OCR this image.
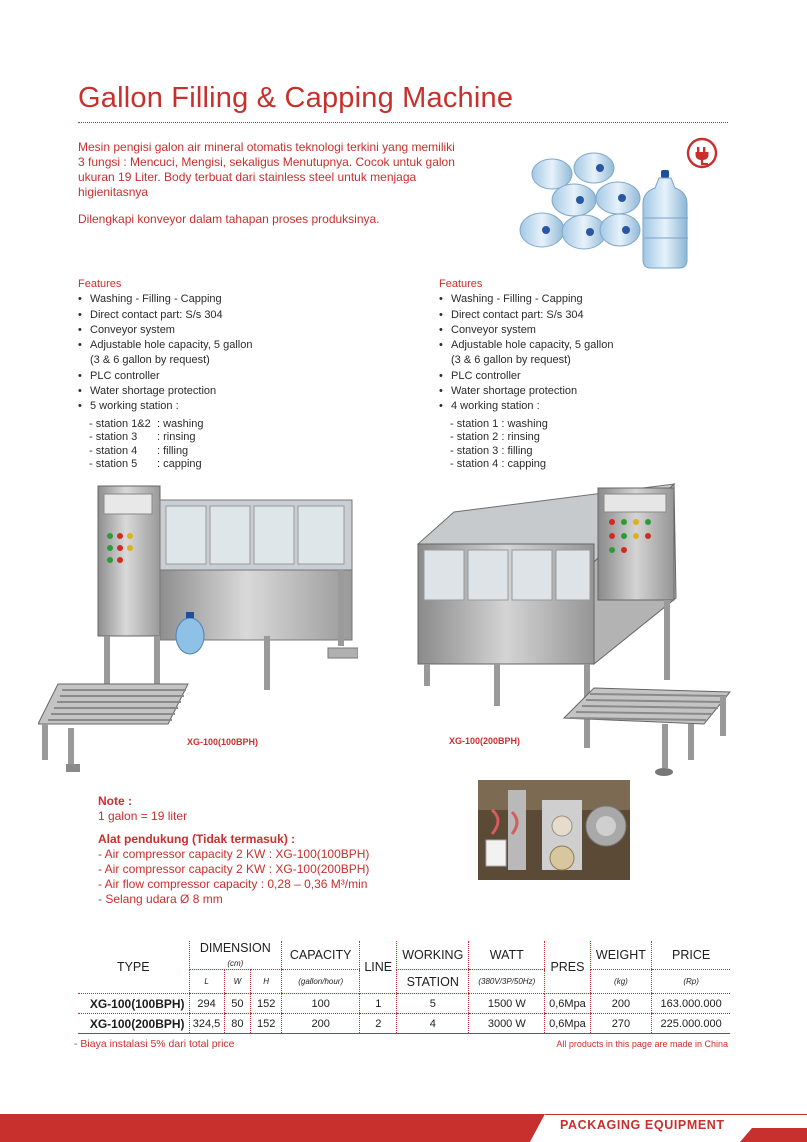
Gallon Filling & Capping Machine

Mesin pengisi galon air mineral otomatis teknologi terkini yang memiliki 3 fungsi : Mencuci, Mengisi, sekaligus Menutupnya. Cocok untuk galon ukuran 19 Liter. Body terbuat dari stainless steel untuk menjaga higienitasnya

Dilengkapi konveyor dalam tahapan proses produksinya.

Features
• Washing - Filling - Capping
• Direct contact part: S/s 304
• Conveyor system
• Adjustable hole capacity, 5 gallon
(3 & 6 gallon by request)
• PLC controller
• Water shortage protection
• 5 working station :
- station 1&2 : washing
- station 3	: rinsing
- station 4	: filling
- station 5	: capping
Features
• Washing - Filling - Capping
• Direct contact part: S/s 304
• Conveyor system
• Adjustable hole capacity, 5 gallon
(3 & 6 gallon by request)
• PLC controller
• Water shortage protection
• 4 working station :
- station 1 : washing
- station 2 : rinsing
- station 3 : filling
- station 4 : capping
XG-100(100BPH)	XG-100(200BPH)
Note :
1 galon = 19 liter
Alat pendukung (Tidak termasuk) :
- Air compressor capacity 2 KW : XG-100(100BPH)
- Air compressor capacity 2 KW : XG-100(200BPH)
- Air flow compressor capacity : 0,28 – 0,36 M³/min
- Selang udara Ø 8 mm
TYPE	DIMENSION (cm)			CAPACITY	LINE	WORKING	WATT	PRES	WEIGHT	PRICE
	L	W	H	(gallon/hour)		STATION	(380V/3P/50Hz)		(kg)	(Rp)
XG-100(100BPH)	294	50	152	100	1	5	1500 W	0,6Mpa	200	163.000.000
XG-100(200BPH)	324,5	80	152	200	2	4	3000 W	0,6Mpa	270	225.000.000
- Biaya instalasi 5% dari total price	All products in this page are made in China
PACKAGING EQUIPMENT
